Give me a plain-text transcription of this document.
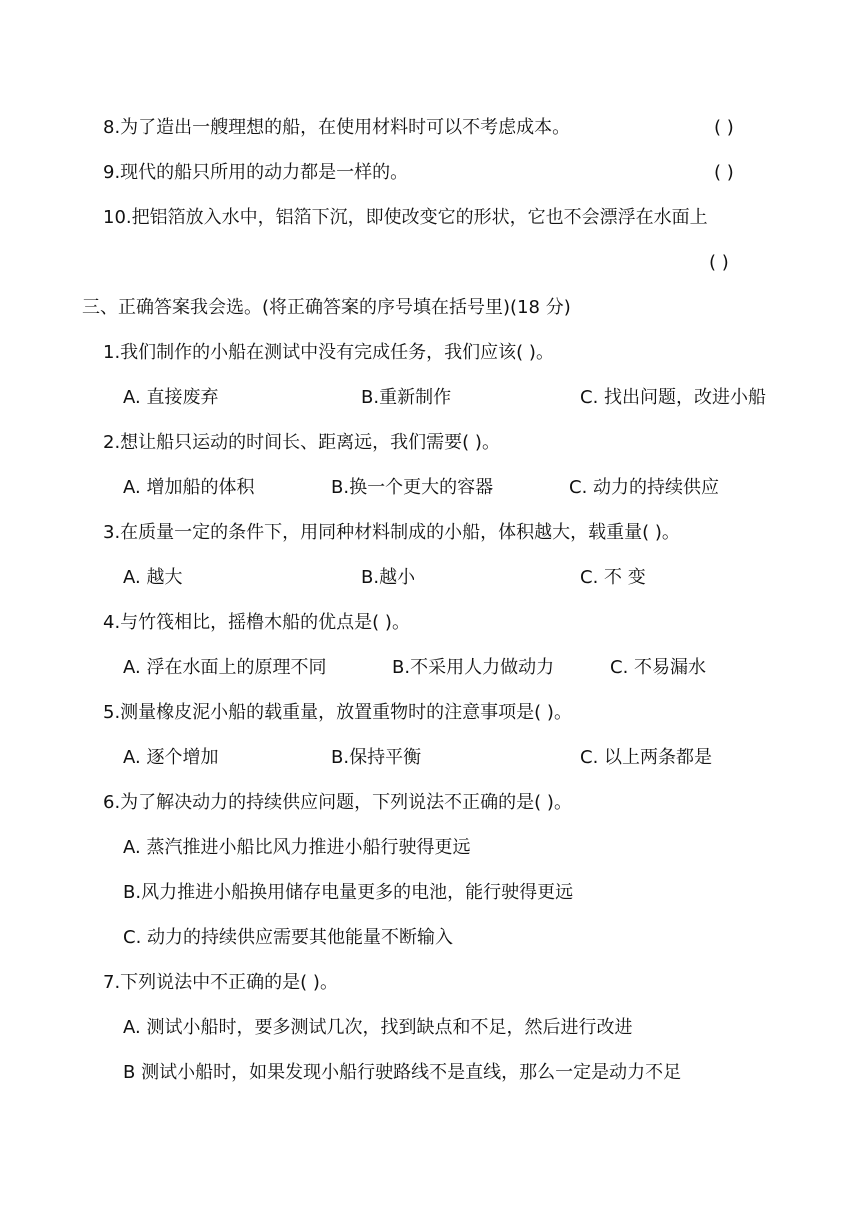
8.为了造出一艘理想的船，在使用材料时可以不考虑成本。	( )
9.现代的船只所用的动力都是一样的。	( )
10.把铝箔放入水中，铝箔下沉，即使改变它的形状，它也不会漂浮在水面上
( )
三、正确答案我会选。(将正确答案的序号填在括号里)(18 分)
1.我们制作的小船在测试中没有完成任务，我们应该( )。
A. 直接废弃	B.重新制作	C. 找出问题，改进小船
2.想让船只运动的时间长、距离远，我们需要( )。
A. 增加船的体积	B.换一个更大的容器	C. 动力的持续供应
3.在质量一定的条件下，用同种材料制成的小船，体积越大，载重量( )。
A. 越大	B.越小	C. 不 变
4.与竹筏相比，摇橹木船的优点是( )。
A. 浮在水面上的原理不同	B.不采用人力做动力	C. 不易漏水
5.测量橡皮泥小船的载重量，放置重物时的注意事项是( )。
A. 逐个增加	B.保持平衡	C. 以上两条都是
6.为了解决动力的持续供应问题，下列说法不正确的是( )。
A. 蒸汽推进小船比风力推进小船行驶得更远
B.风力推进小船换用储存电量更多的电池，能行驶得更远
C. 动力的持续供应需要其他能量不断输入
7.下列说法中不正确的是( )。
A. 测试小船时，要多测试几次，找到缺点和不足，然后进行改进
B 测试小船时，如果发现小船行驶路线不是直线，那么一定是动力不足
